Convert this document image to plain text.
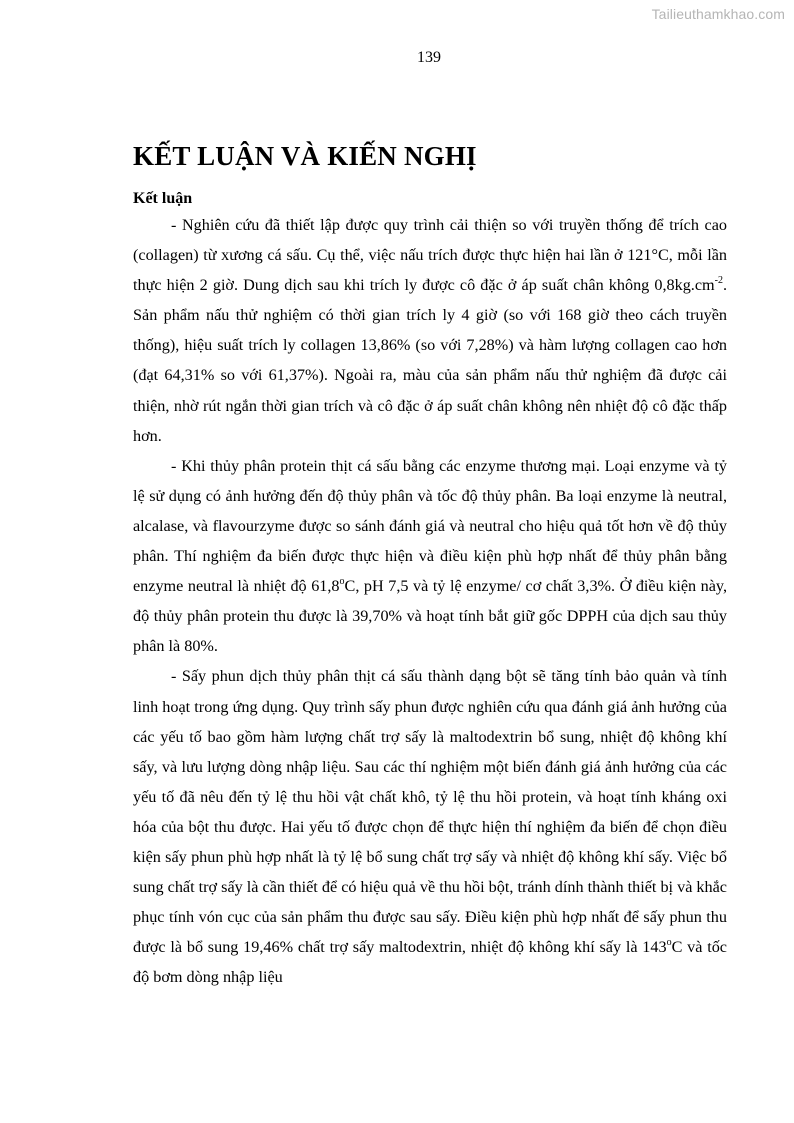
Tailieuthamkhao.com
139
KẾT LUẬN VÀ KIẾN NGHỊ
Kết luận

- Nghiên cứu đã thiết lập được quy trình cải thiện so với truyền thống để trích cao (collagen) từ xương cá sấu. Cụ thể, việc nấu trích được thực hiện hai lần ở 121°C, mỗi lần thực hiện 2 giờ. Dung dịch sau khi trích ly được cô đặc ở áp suất chân không $0,8kg.cm^{-2}$. Sản phẩm nấu thử nghiệm có thời gian trích ly 4 giờ (so với 168 giờ theo cách truyền thống), hiệu suất trích ly collagen 13,86% (so với 7,28%) và hàm lượng collagen cao hơn (đạt 64,31% so với 61,37%). Ngoài ra, màu của sản phẩm nấu thử nghiệm đã được cải thiện, nhờ rút ngắn thời gian trích và cô đặc ở áp suất chân không nên nhiệt độ cô đặc thấp hơn.

- Khi thủy phân protein thịt cá sấu bằng các enzyme thương mại. Loại enzyme và tỷ lệ sử dụng có ảnh hưởng đến độ thủy phân và tốc độ thủy phân. Ba loại enzyme là neutral, alcalase, và flavourzyme được so sánh đánh giá và neutral cho hiệu quả tốt hơn về độ thủy phân. Thí nghiệm đa biến được thực hiện và điều kiện phù hợp nhất để thủy phân bằng enzyme neutral là nhiệt độ 61,8$^o$C, pH 7,5 và tỷ lệ enzyme/ cơ chất 3,3%. Ở điều kiện này, độ thủy phân protein thu được là 39,70% và hoạt tính bắt giữ gốc DPPH của dịch sau thủy phân là 80%.

- Sấy phun dịch thủy phân thịt cá sấu thành dạng bột sẽ tăng tính bảo quản và tính linh hoạt trong ứng dụng. Quy trình sấy phun được nghiên cứu qua đánh giá ảnh hưởng của các yếu tố bao gồm hàm lượng chất trợ sấy là maltodextrin bổ sung, nhiệt độ không khí sấy, và lưu lượng dòng nhập liệu. Sau các thí nghiệm một biến đánh giá ảnh hưởng của các yếu tố đã nêu đến tỷ lệ thu hồi vật chất khô, tỷ lệ thu hồi protein, và hoạt tính kháng oxi hóa của bột thu được. Hai yếu tố được chọn để thực hiện thí nghiệm đa biến để chọn điều kiện sấy phun phù hợp nhất là tỷ lệ bổ sung chất trợ sấy và nhiệt độ không khí sấy. Việc bổ sung chất trợ sấy là cần thiết để có hiệu quả về thu hồi bột, tránh dính thành thiết bị và khắc phục tính vón cục của sản phẩm thu được sau sấy. Điều kiện phù hợp nhất để sấy phun thu được là bổ sung 19,46% chất trợ sấy maltodextrin, nhiệt độ không khí sấy là 143$^o$C và tốc độ bơm dòng nhập liệu
